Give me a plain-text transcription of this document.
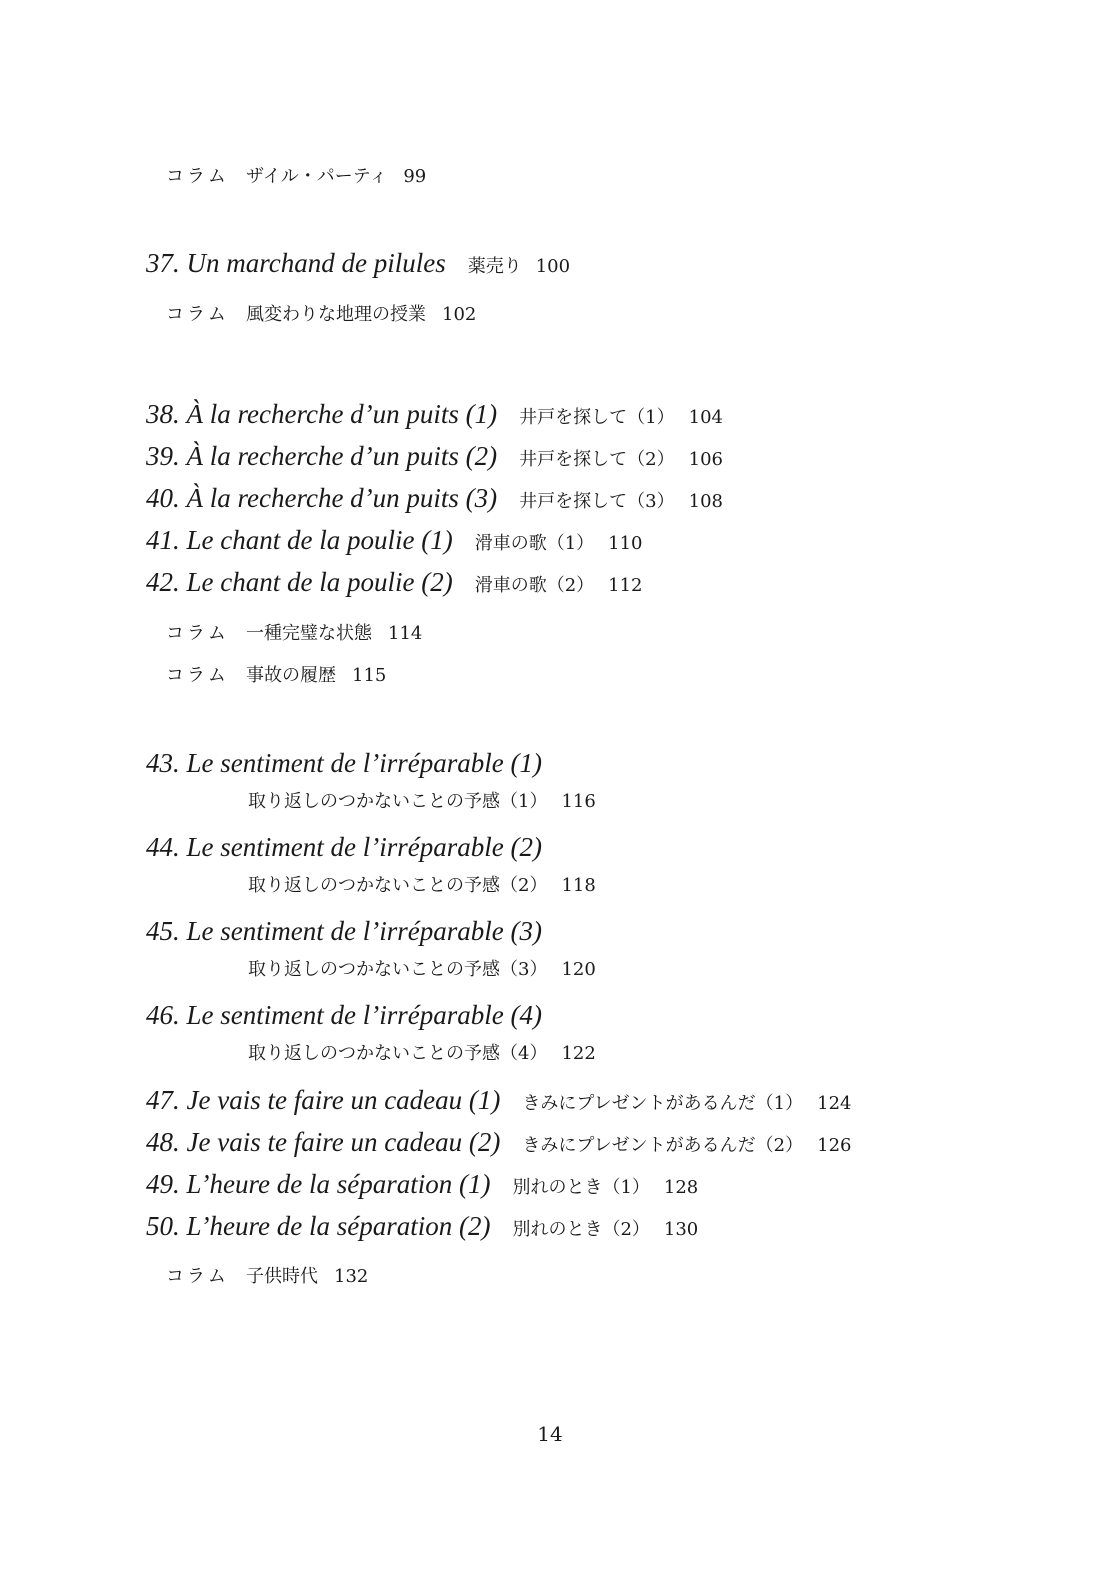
コラム ザイル・パーティ 99
37. Un marchand de pilules 薬売り 100
コラム 風変わりな地理の授業 102
38. À la recherche d’un puits (1) 井戸を探して（1） 104
39. À la recherche d’un puits (2) 井戸を探して（2） 106
40. À la recherche d’un puits (3) 井戸を探して（3） 108
41. Le chant de la poulie (1) 滑車の歌（1） 110
42. Le chant de la poulie (2) 滑車の歌（2） 112
コラム 一種完璧な状態 114
コラム 事故の履歴 115
43. Le sentiment de l’irréparable (1)
取り返しのつかないことの予感（1） 116
44. Le sentiment de l’irréparable (2)
取り返しのつかないことの予感（2） 118
45. Le sentiment de l’irréparable (3)
取り返しのつかないことの予感（3） 120
46. Le sentiment de l’irréparable (4)
取り返しのつかないことの予感（4） 122
47. Je vais te faire un cadeau (1) きみにプレゼントがあるんだ（1） 124
48. Je vais te faire un cadeau (2) きみにプレゼントがあるんだ（2） 126
49. L’heure de la séparation (1) 別れのとき（1） 128
50. L’heure de la séparation (2) 別れのとき（2） 130
コラム 子供時代 132
14
